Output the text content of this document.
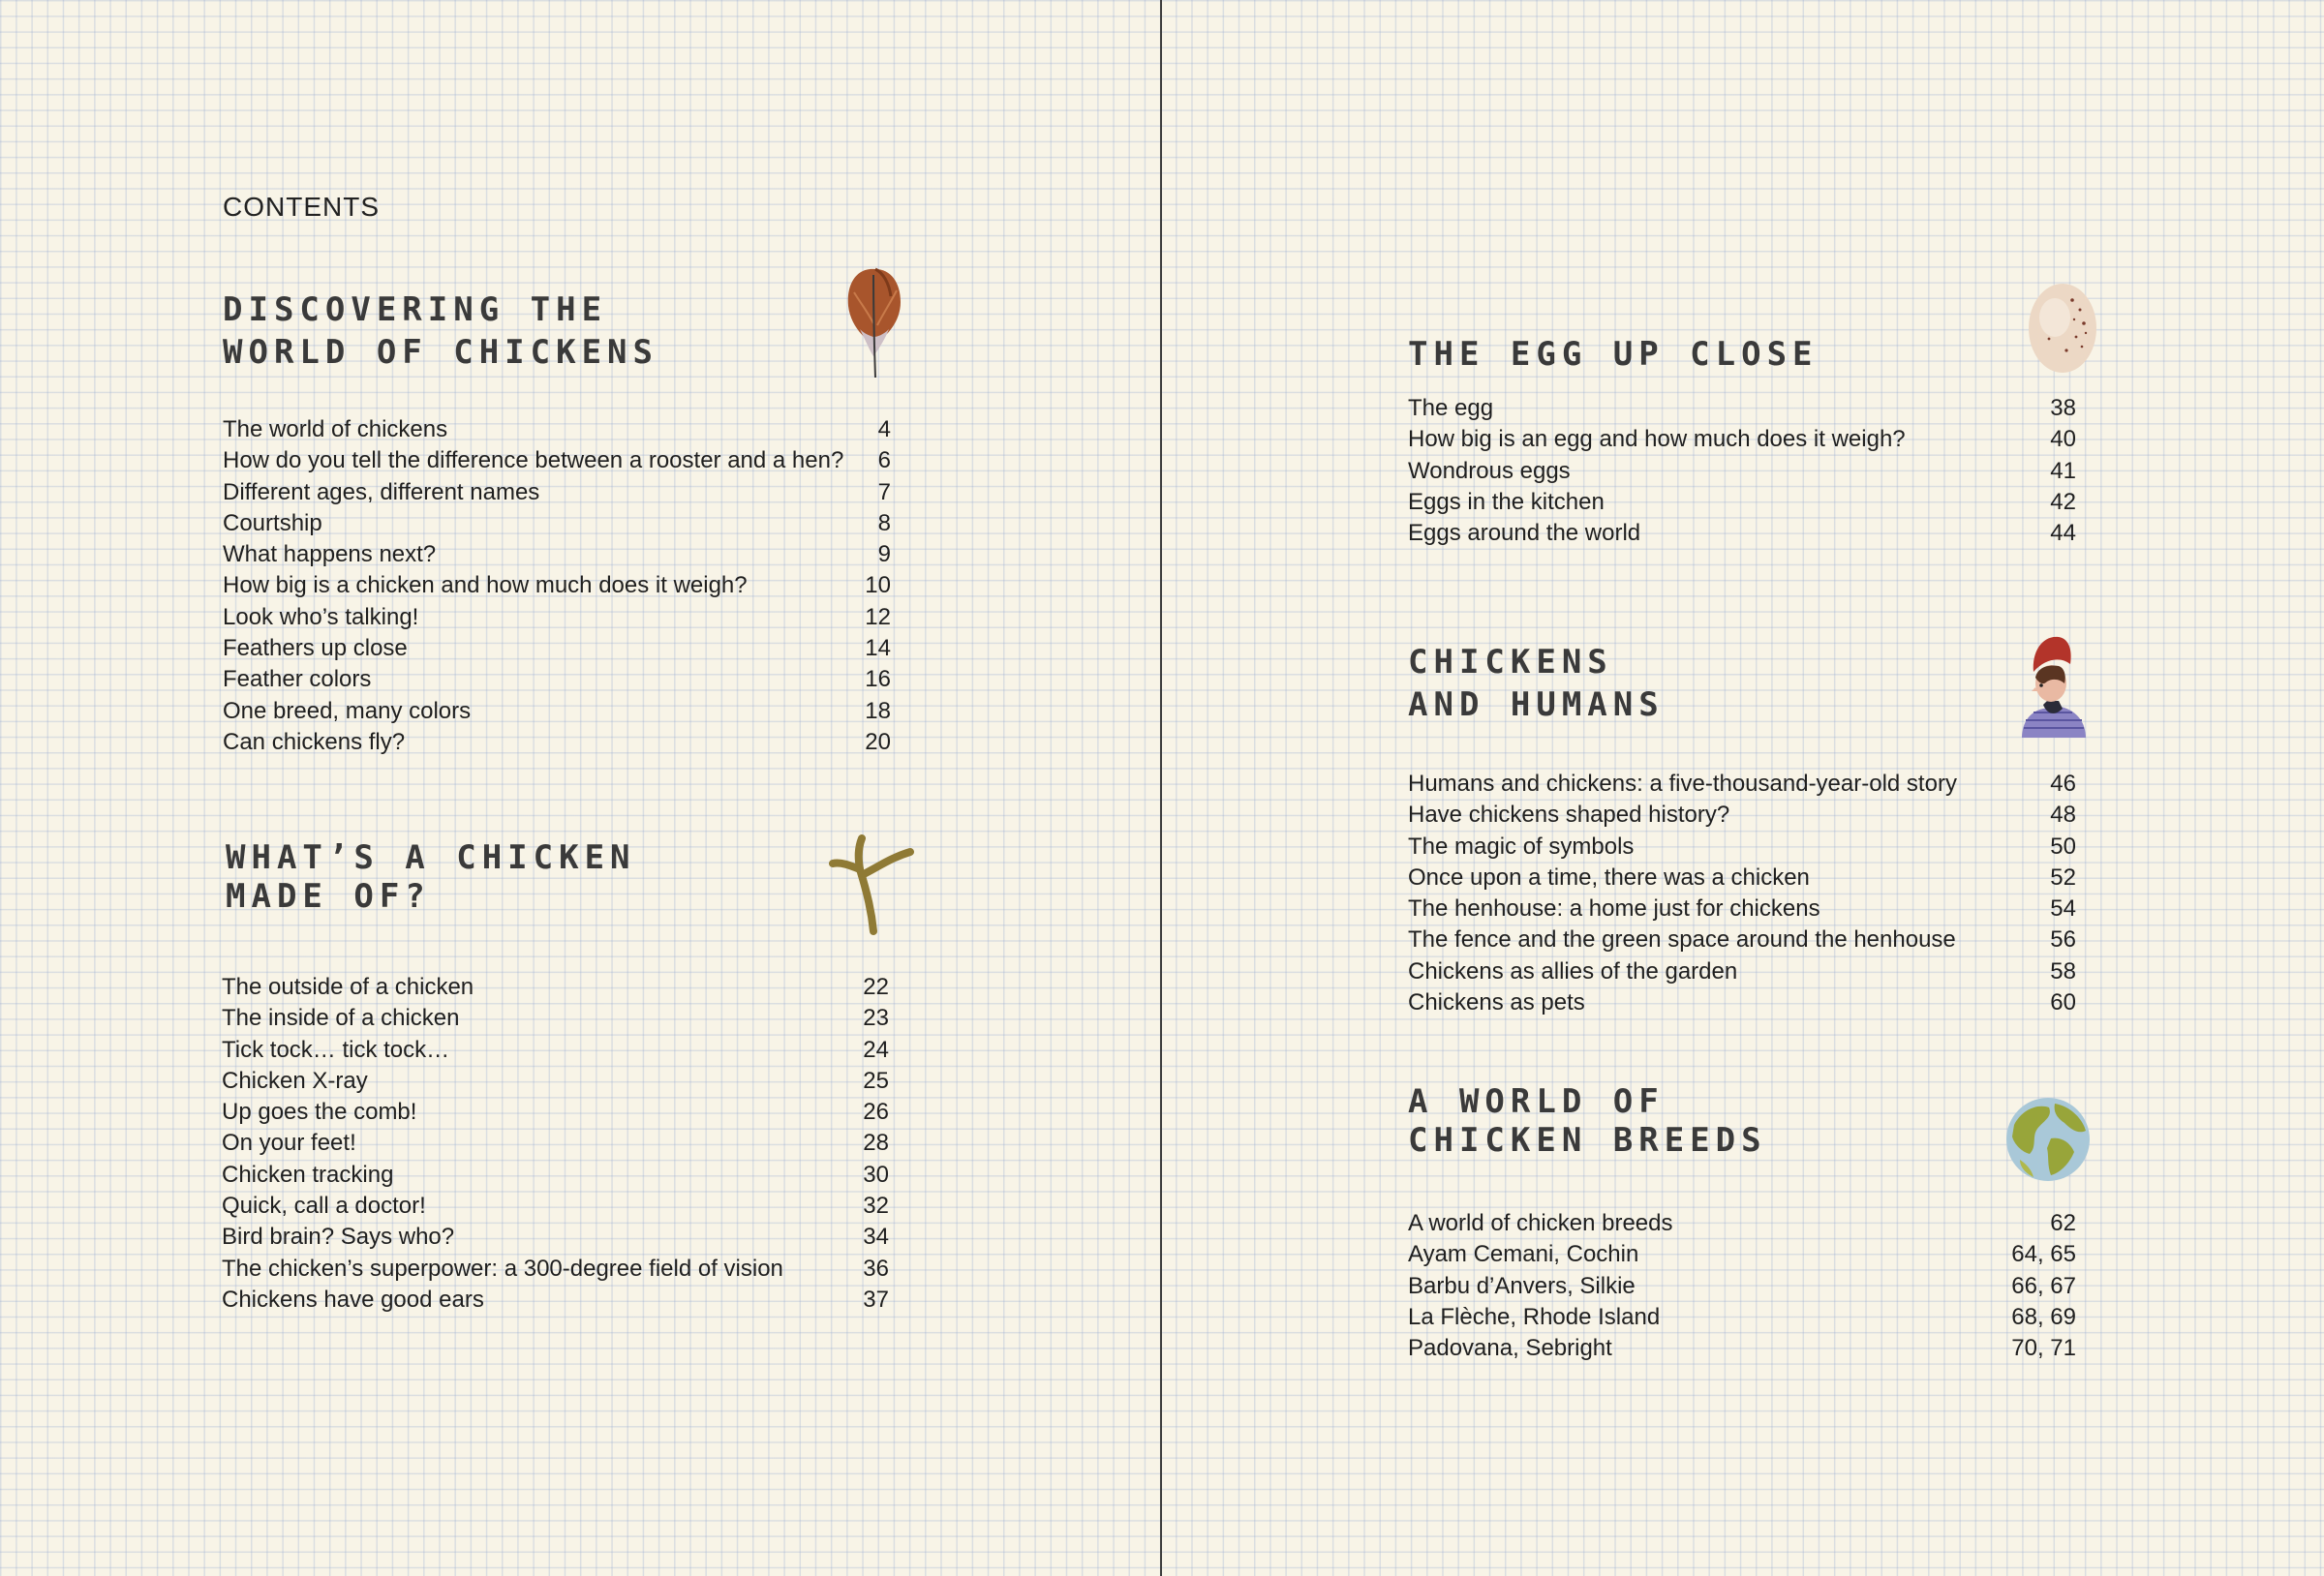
CONTENTS
DISCOVERING THE
WORLD OF CHICKENS
The world of chickens	4
How do you tell the difference between a rooster and a hen? 6
Different ages, different names	7
Courtship	8
What happens next?	9
How big is a chicken and how much does it weigh?	10
Look who’s talking!	12
Feathers up close	14
Feather colors	16
One breed, many colors	18
Can chickens fly?	20
WHAT’S A CHICKEN
MADE OF?
The outside of a chicken	22
The inside of a chicken	23
Tick tock… tick tock…	24
Chicken X-ray	25
Up goes the comb!	26
On your feet!	28
Chicken tracking	30
Quick, call a doctor!	32
Bird brain? Says who?	34
The chicken’s superpower: a 300-degree field of vision	36
Chickens have good ears	37
THE EGG UP CLOSE
The egg	38
How big is an egg and how much does it weigh?	40
Wondrous eggs	41
Eggs in the kitchen	42
Eggs around the world	44
CHICKENS
AND HUMANS
Humans and chickens: a five-thousand-year-old story	46
Have chickens shaped history?	48
The magic of symbols	50
Once upon a time, there was a chicken	52
The henhouse: a home just for chickens	54
The fence and the green space around the henhouse	56
Chickens as allies of the garden	58
Chickens as pets	60
A WORLD OF
CHICKEN BREEDS
A world of chicken breeds	62
Ayam Cemani, Cochin	64, 65
Barbu d’Anvers, Silkie	66, 67
La Flèche, Rhode Island	68, 69
Padovana, Sebright	70, 71
